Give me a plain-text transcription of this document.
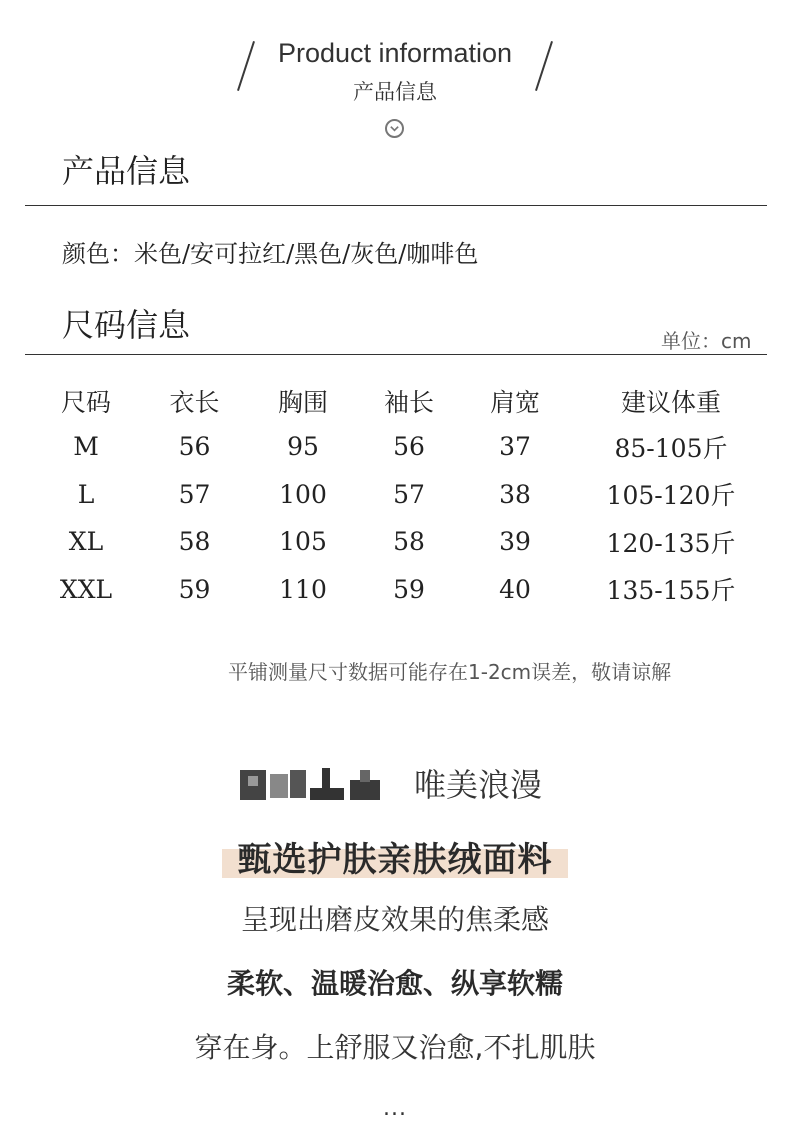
Product information
产品信息
产品信息
颜色：米色/安可拉红/黑色/灰色/咖啡色
尺码信息	单位：cm
尺码	衣长	胸围	袖长	肩宽	建议体重
M	56	95	56	37	85-105斤
L	57	100	57	38	105-120斤
XL	58	105	58	39	120-135斤
XXL	59	110	59	40	135-155斤
平铺测量尺寸数据可能存在1-2cm误差，敬请谅解
唯美浪漫
甄选护肤亲肤绒面料
呈现出磨皮效果的焦柔感
柔软、温暖治愈、纵享软糯
穿在身。上舒服又治愈,不扎肌肤
...
